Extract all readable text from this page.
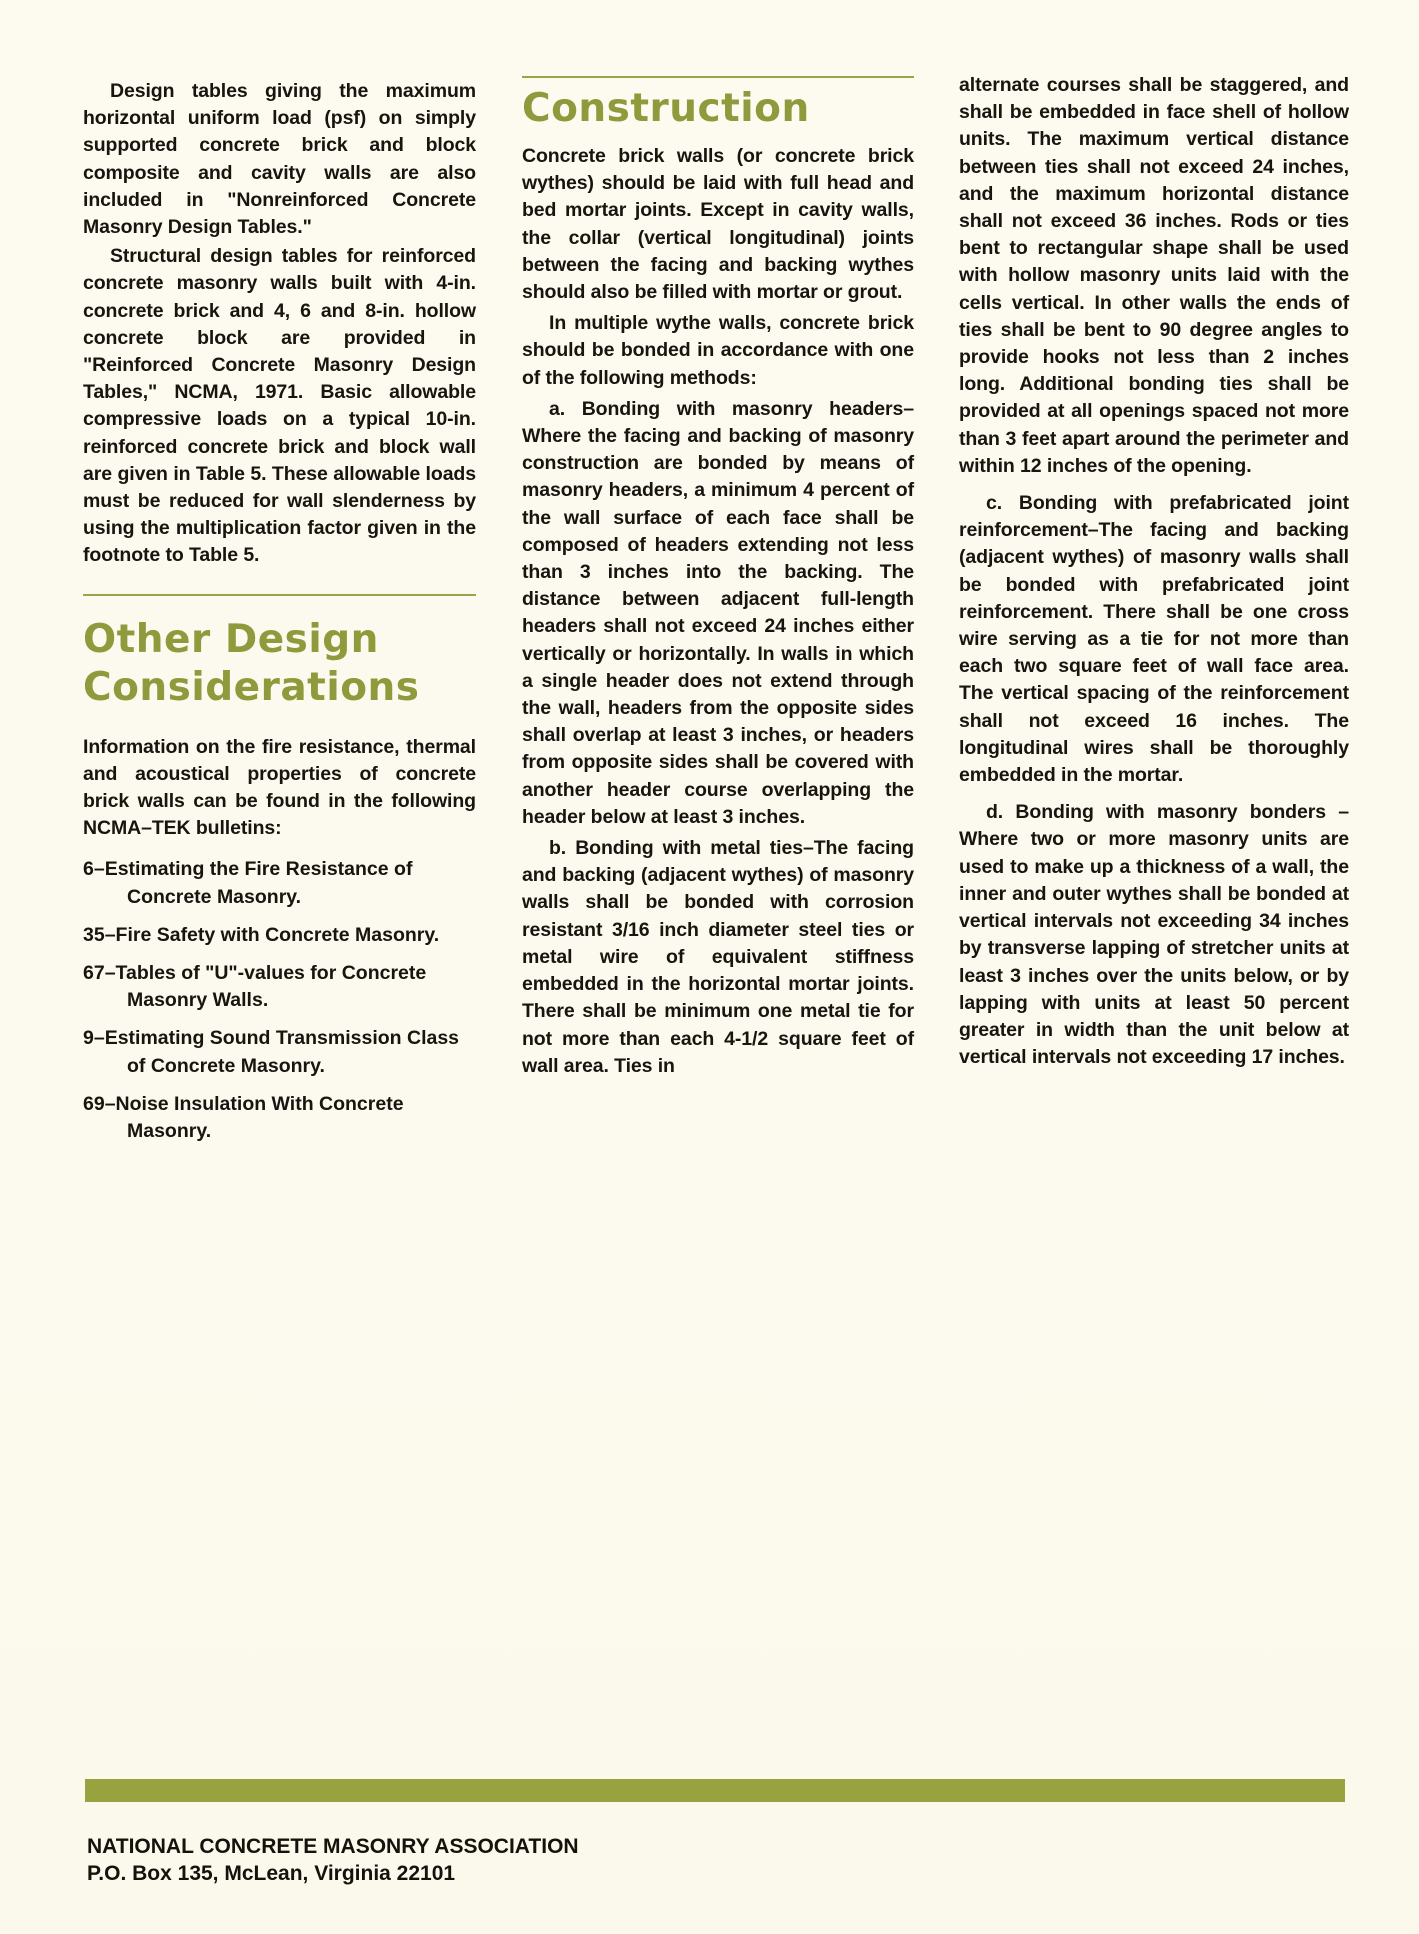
Design tables giving the maximum horizontal uniform load (psf) on simply supported concrete brick and block composite and cavity walls are also included in "Nonreinforced Concrete Masonry Design Tables."

Structural design tables for reinforced concrete masonry walls built with 4-in. concrete brick and 4, 6 and 8-in. hollow concrete block are provided in "Reinforced Concrete Masonry Design Tables," NCMA, 1971. Basic allowable compressive loads on a typical 10-in. reinforced concrete brick and block wall are given in Table 5. These allowable loads must be reduced for wall slenderness by using the multiplication factor given in the footnote to Table 5.

Other Design
Considerations

Information on the fire resistance, thermal and acoustical properties of concrete brick walls can be found in the following NCMA–TEK bulletins:

6–Estimating the Fire Resistance of Concrete Masonry.
35–Fire Safety with Concrete Masonry.
67–Tables of "U"-values for Concrete Masonry Walls.
9–Estimating Sound Transmission Class of Concrete Masonry.
69–Noise Insulation With Concrete Masonry.
Construction

Concrete brick walls (or concrete brick wythes) should be laid with full head and bed mortar joints. Except in cavity walls, the collar (vertical longitudinal) joints between the facing and backing wythes should also be filled with mortar or grout.

In multiple wythe walls, concrete brick should be bonded in accordance with one of the following methods:

a. Bonding with masonry headers–Where the facing and backing of masonry construction are bonded by means of masonry headers, a minimum 4 percent of the wall surface of each face shall be composed of headers extending not less than 3 inches into the backing. The distance between adjacent full-length headers shall not exceed 24 inches either vertically or horizontally. In walls in which a single header does not extend through the wall, headers from the opposite sides shall overlap at least 3 inches, or headers from opposite sides shall be covered with another header course overlapping the header below at least 3 inches.

b. Bonding with metal ties–The facing and backing (adjacent wythes) of masonry walls shall be bonded with corrosion resistant 3/16 inch diameter steel ties or metal wire of equivalent stiffness embedded in the horizontal mortar joints. There shall be minimum one metal tie for not more than each 4-1/2 square feet of wall area. Ties in

alternate courses shall be staggered, and shall be embedded in face shell of hollow units. The maximum vertical distance between ties shall not exceed 24 inches, and the maximum horizontal distance shall not exceed 36 inches. Rods or ties bent to rectangular shape shall be used with hollow masonry units laid with the cells vertical. In other walls the ends of ties shall be bent to 90 degree angles to provide hooks not less than 2 inches long. Additional bonding ties shall be provided at all openings spaced not more than 3 feet apart around the perimeter and within 12 inches of the opening.

c. Bonding with prefabricated joint reinforcement–The facing and backing (adjacent wythes) of masonry walls shall be bonded with prefabricated joint reinforcement. There shall be one cross wire serving as a tie for not more than each two square feet of wall face area. The vertical spacing of the reinforcement shall not exceed 16 inches. The longitudinal wires shall be thoroughly embedded in the mortar.

d. Bonding with masonry bonders –Where two or more masonry units are used to make up a thickness of a wall, the inner and outer wythes shall be bonded at vertical intervals not exceeding 34 inches by transverse lapping of stretcher units at least 3 inches over the units below, or by lapping with units at least 50 percent greater in width than the unit below at vertical intervals not exceeding 17 inches.

NATIONAL CONCRETE MASONRY ASSOCIATION
P.O. Box 135, McLean, Virginia 22101
